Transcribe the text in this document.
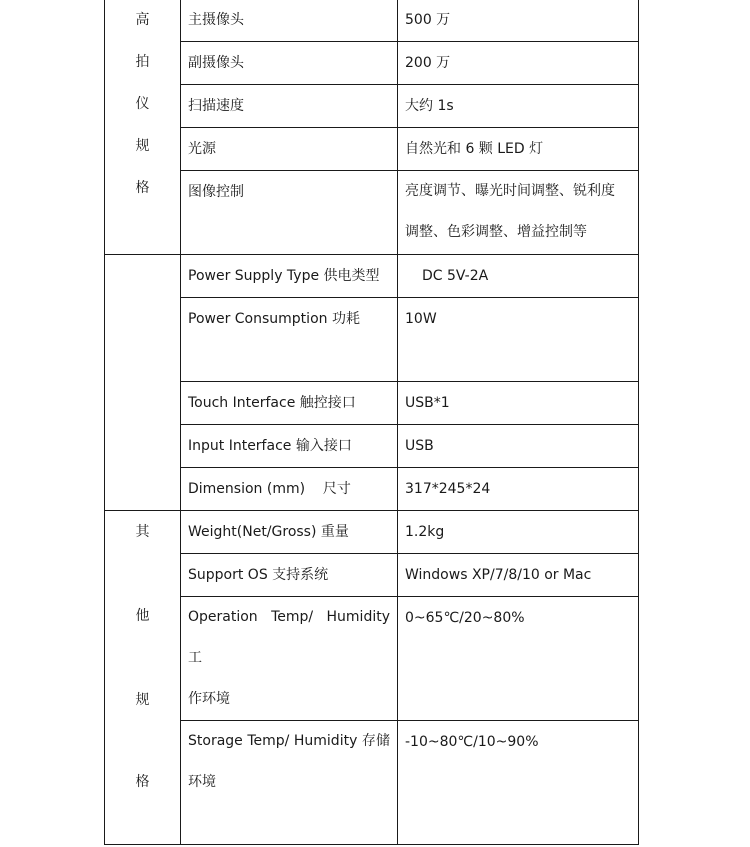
高
拍
仪
规
格	主摄像头	500 万
	副摄像头	200 万
	扫描速度	大约 1s
	光源	自然光和 6 颗 LED 灯
	图像控制	亮度调节、曝光时间调整、锐利度
调整、色彩调整、增益控制等

	Power Supply Type 供电类型	DC 5V-2A
	Power Consumption 功耗	10W
	Touch Interface 触控接口	USB*1
	Input Interface 输入接口	USB
	Dimension (mm)    尺寸	317*245*24

其
他
规
格	Weight(Net/Gross) 重量	1.2kg
	Support OS 支持系统	Windows XP/7/8/10 or Mac

	Operation Temp/ Humidity 工
作环境	0~65℃/20~80%

	Storage Temp/ Humidity 存储
环境	-10~80℃/10~90%
